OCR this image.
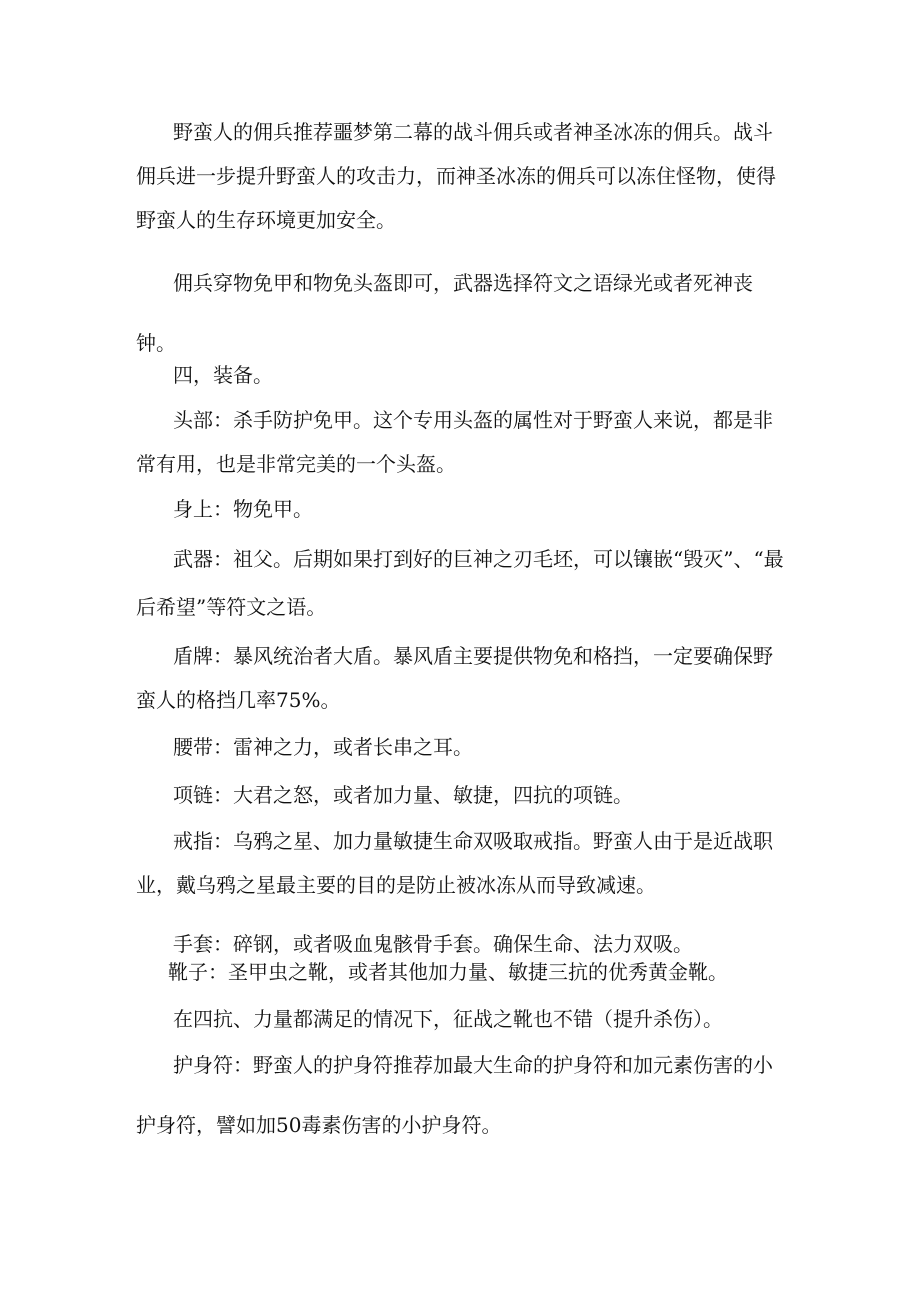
野蛮人的佣兵推荐噩梦第二幕的战斗佣兵或者神圣冰冻的佣兵。战斗佣兵进一步提升野蛮人的攻击力，而神圣冰冻的佣兵可以冻住怪物，使得野蛮人的生存环境更加安全。

佣兵穿物免甲和物免头盔即可，武器选择符文之语绿光或者死神丧钟。

四，装备。

头部：杀手防护免甲。这个专用头盔的属性对于野蛮人来说，都是非常有用，也是非常完美的一个头盔。

身上：物免甲。

武器：祖父。后期如果打到好的巨神之刃毛坯，可以镶嵌“毁灭”、“最后希望”等符文之语。

盾牌：暴风统治者大盾。暴风盾主要提供物免和格挡，一定要确保野蛮人的格挡几率75%。

腰带：雷神之力，或者长串之耳。

项链：大君之怒，或者加力量、敏捷，四抗的项链。

戒指：乌鸦之星、加力量敏捷生命双吸取戒指。野蛮人由于是近战职业，戴乌鸦之星最主要的目的是防止被冰冻从而导致减速。

手套：碎钢，或者吸血鬼骸骨手套。确保生命、法力双吸。

靴子：圣甲虫之靴，或者其他加力量、敏捷三抗的优秀黄金靴。

在四抗、力量都满足的情况下，征战之靴也不错（提升杀伤）。

护身符：野蛮人的护身符推荐加最大生命的护身符和加元素伤害的小护身符，譬如加50毒素伤害的小护身符。
